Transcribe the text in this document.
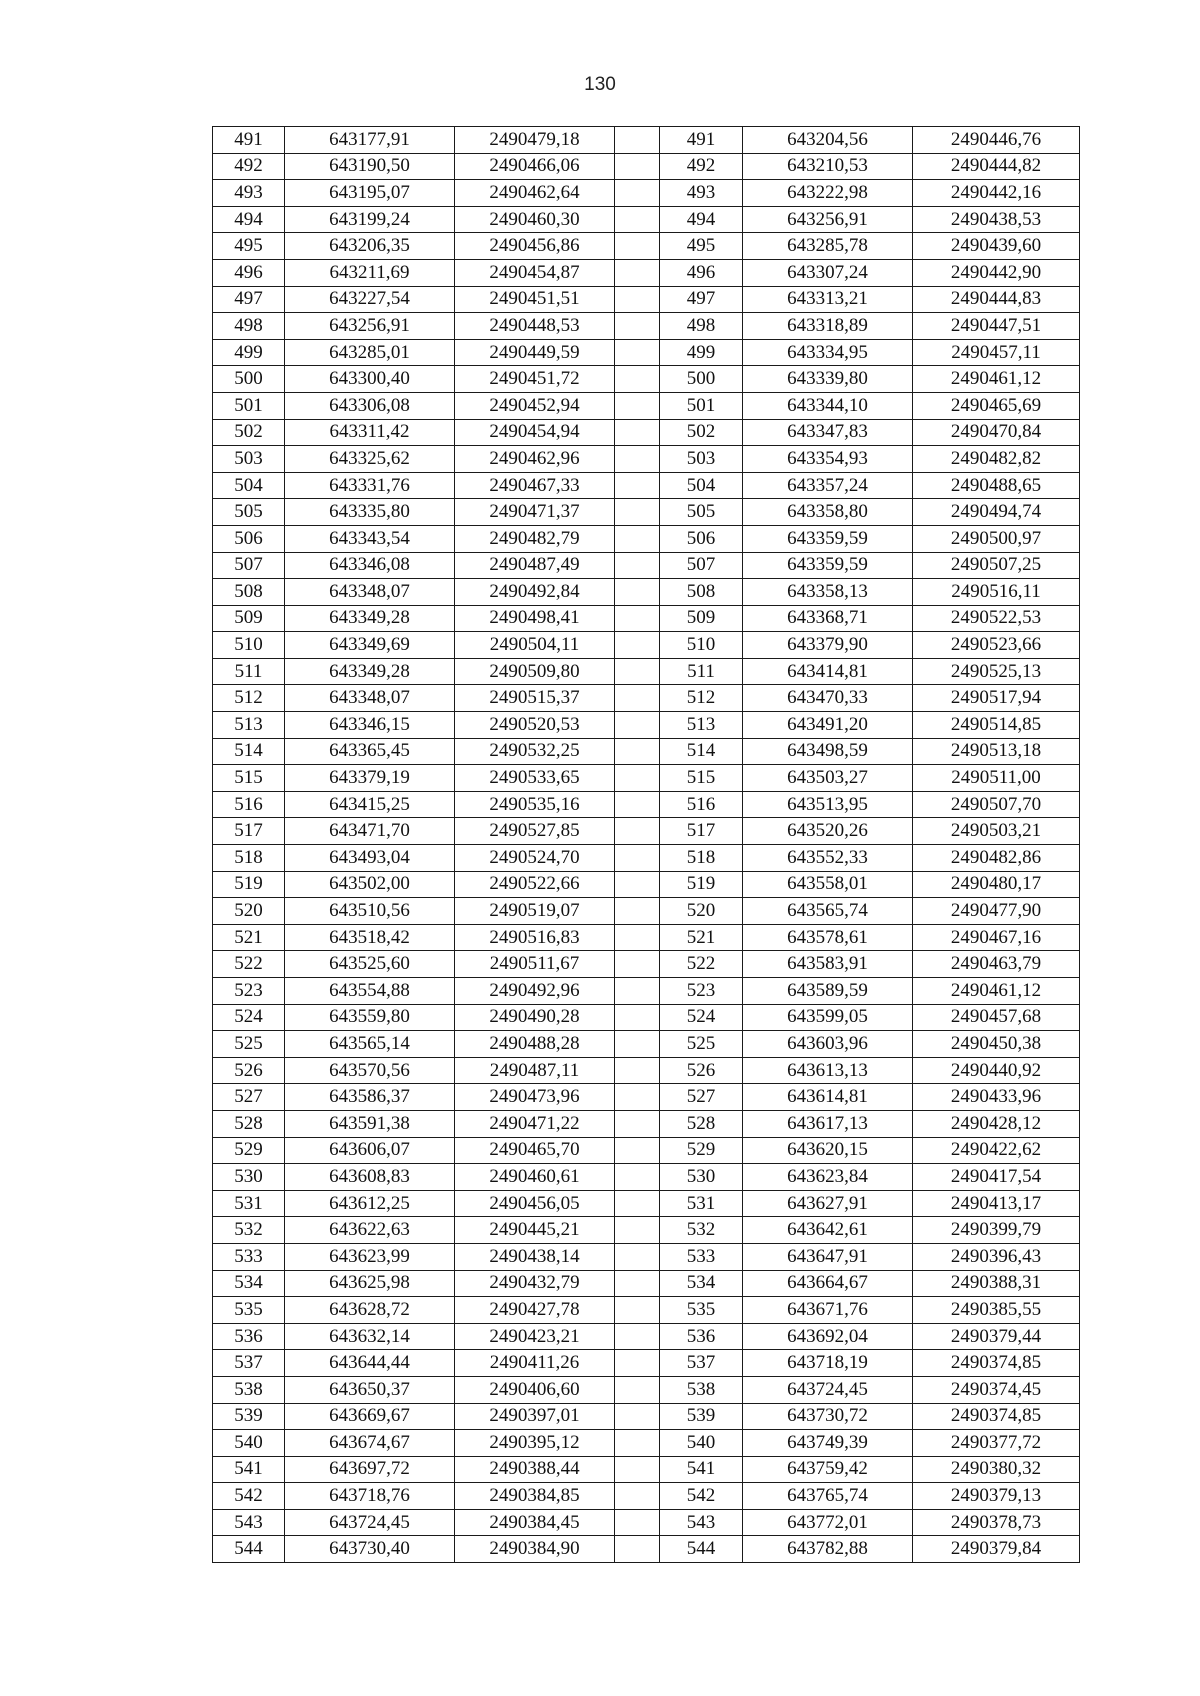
130
491	643177,91	2490479,18		491	643204,56	2490446,76
492	643190,50	2490466,06		492	643210,53	2490444,82
493	643195,07	2490462,64		493	643222,98	2490442,16
494	643199,24	2490460,30		494	643256,91	2490438,53
495	643206,35	2490456,86		495	643285,78	2490439,60
496	643211,69	2490454,87		496	643307,24	2490442,90
497	643227,54	2490451,51		497	643313,21	2490444,83
498	643256,91	2490448,53		498	643318,89	2490447,51
499	643285,01	2490449,59		499	643334,95	2490457,11
500	643300,40	2490451,72		500	643339,80	2490461,12
501	643306,08	2490452,94		501	643344,10	2490465,69
502	643311,42	2490454,94		502	643347,83	2490470,84
503	643325,62	2490462,96		503	643354,93	2490482,82
504	643331,76	2490467,33		504	643357,24	2490488,65
505	643335,80	2490471,37		505	643358,80	2490494,74
506	643343,54	2490482,79		506	643359,59	2490500,97
507	643346,08	2490487,49		507	643359,59	2490507,25
508	643348,07	2490492,84		508	643358,13	2490516,11
509	643349,28	2490498,41		509	643368,71	2490522,53
510	643349,69	2490504,11		510	643379,90	2490523,66
511	643349,28	2490509,80		511	643414,81	2490525,13
512	643348,07	2490515,37		512	643470,33	2490517,94
513	643346,15	2490520,53		513	643491,20	2490514,85
514	643365,45	2490532,25		514	643498,59	2490513,18
515	643379,19	2490533,65		515	643503,27	2490511,00
516	643415,25	2490535,16		516	643513,95	2490507,70
517	643471,70	2490527,85		517	643520,26	2490503,21
518	643493,04	2490524,70		518	643552,33	2490482,86
519	643502,00	2490522,66		519	643558,01	2490480,17
520	643510,56	2490519,07		520	643565,74	2490477,90
521	643518,42	2490516,83		521	643578,61	2490467,16
522	643525,60	2490511,67		522	643583,91	2490463,79
523	643554,88	2490492,96		523	643589,59	2490461,12
524	643559,80	2490490,28		524	643599,05	2490457,68
525	643565,14	2490488,28		525	643603,96	2490450,38
526	643570,56	2490487,11		526	643613,13	2490440,92
527	643586,37	2490473,96		527	643614,81	2490433,96
528	643591,38	2490471,22		528	643617,13	2490428,12
529	643606,07	2490465,70		529	643620,15	2490422,62
530	643608,83	2490460,61		530	643623,84	2490417,54
531	643612,25	2490456,05		531	643627,91	2490413,17
532	643622,63	2490445,21		532	643642,61	2490399,79
533	643623,99	2490438,14		533	643647,91	2490396,43
534	643625,98	2490432,79		534	643664,67	2490388,31
535	643628,72	2490427,78		535	643671,76	2490385,55
536	643632,14	2490423,21		536	643692,04	2490379,44
537	643644,44	2490411,26		537	643718,19	2490374,85
538	643650,37	2490406,60		538	643724,45	2490374,45
539	643669,67	2490397,01		539	643730,72	2490374,85
540	643674,67	2490395,12		540	643749,39	2490377,72
541	643697,72	2490388,44		541	643759,42	2490380,32
542	643718,76	2490384,85		542	643765,74	2490379,13
543	643724,45	2490384,45		543	643772,01	2490378,73
544	643730,40	2490384,90		544	643782,88	2490379,84
